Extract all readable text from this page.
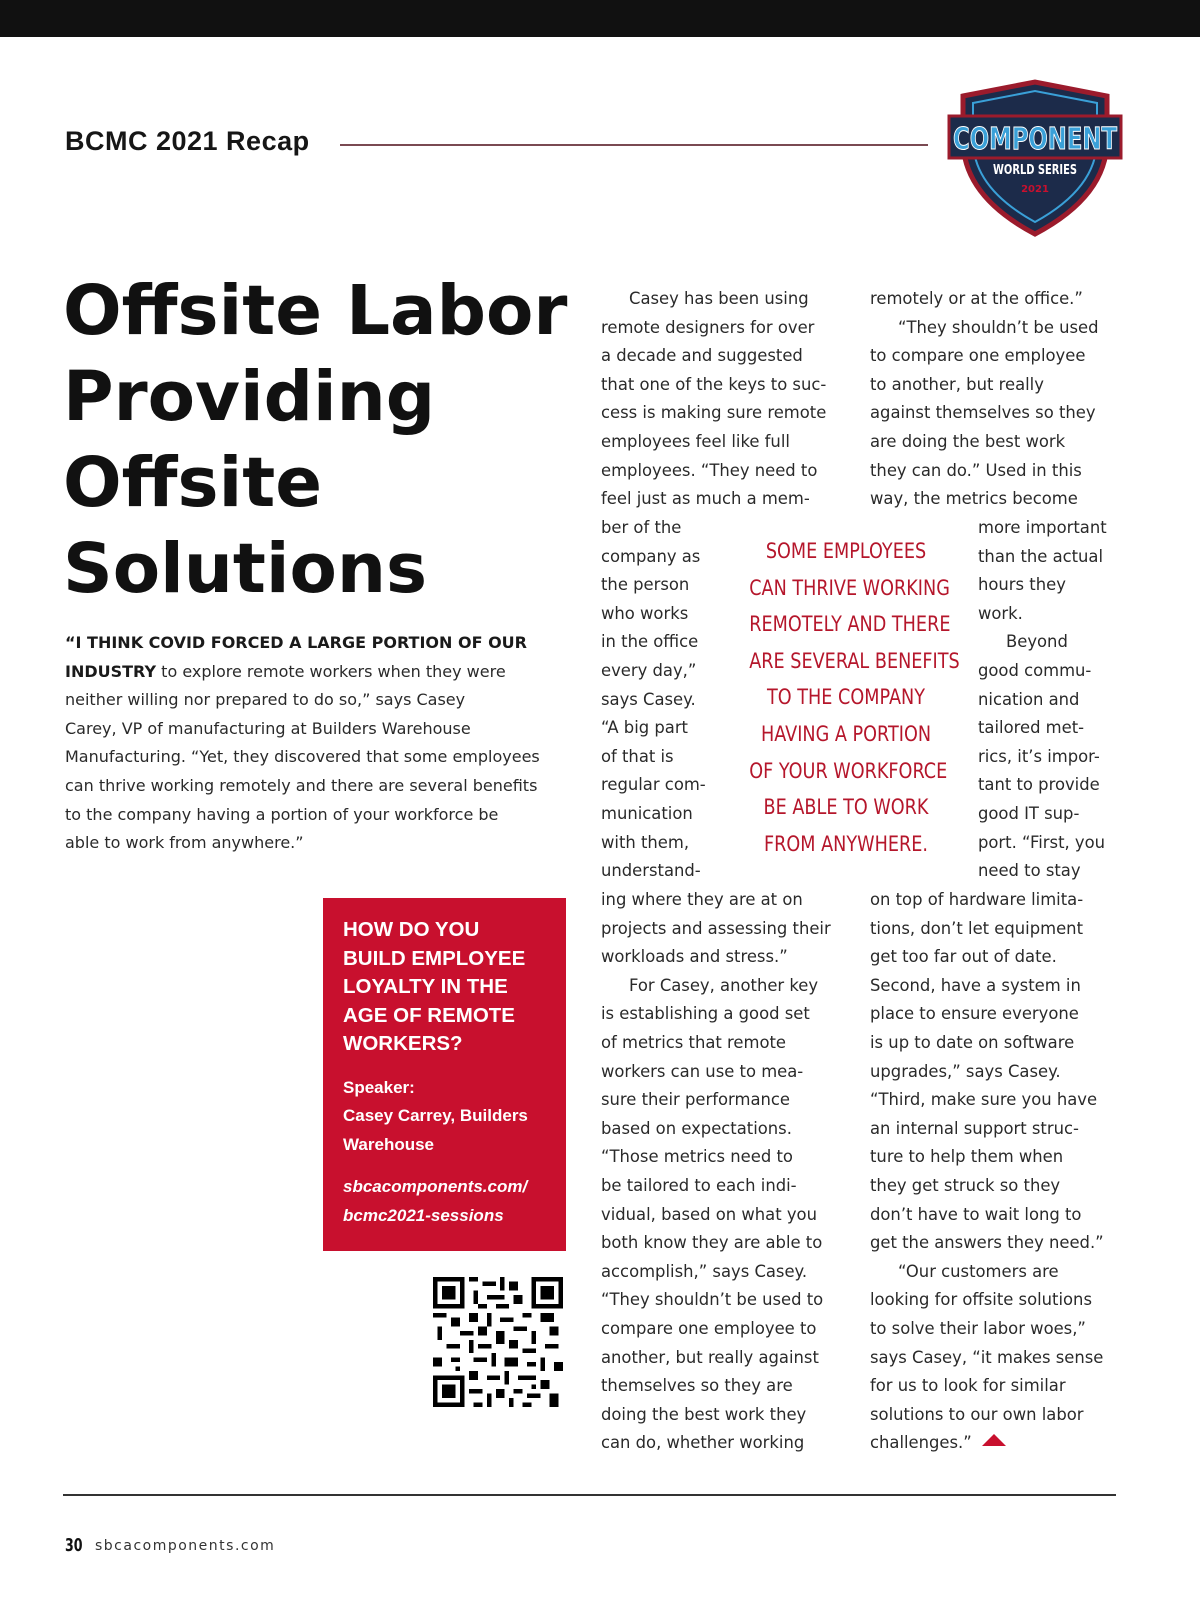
BCMC 2021 Recap	COMPONENT
WORLD SERIES
2021
Offsite Labor
Providing
Offsite
Solutions
“I THINK COVID FORCED A LARGE PORTION OF OUR
INDUSTRY to explore remote workers when they were
neither willing nor prepared to do so,” says Casey
Carey, VP of manufacturing at Builders Warehouse
Manufacturing. “Yet, they discovered that some employees
can thrive working remotely and there are several benefits
to the company having a portion of your workforce be
able to work from anywhere.”
Casey has been using
remote designers for over
a decade and suggested
that one of the keys to suc-
cess is making sure remote
employees feel like full
employees. “They need to
feel just as much a mem-
ber of the
company as
the person
who works
in the office
every day,”
says Casey.
“A big part
of that is
regular com-
munication
with them,
understand-
ing where they are at on
projects and assessing their
workloads and stress.”
For Casey, another key
is establishing a good set
of metrics that remote
workers can use to mea-
sure their performance
based on expectations.
“Those metrics need to
be tailored to each indi-
vidual, based on what you
both know they are able to
accomplish,” says Casey.
“They shouldn’t be used to
compare one employee to
another, but really against
themselves so they are
doing the best work they
can do, whether working
remotely or at the office.”
“They shouldn’t be used
to compare one employee
to another, but really
against themselves so they
are doing the best work
they can do.” Used in this
way, the metrics become
more important
than the actual
hours they
work.
Beyond
good commu-
nication and
tailored met-
rics, it’s impor-
tant to provide
good IT sup-
port. “First, you
need to stay
on top of hardware limita-
tions, don’t let equipment
get too far out of date.
Second, have a system in
place to ensure everyone
is up to date on software
upgrades,” says Casey.
“Third, make sure you have
an internal support struc-
ture to help them when
they get struck so they
don’t have to wait long to
get the answers they need.”
“Our customers are
looking for offsite solutions
to solve their labor woes,”
says Casey, “it makes sense
for us to look for similar
solutions to our own labor
challenges.”
SOME EMPLOYEES
CAN THRIVE WORKING
REMOTELY AND THERE
ARE SEVERAL BENEFITS
TO THE COMPANY
HAVING A PORTION
OF YOUR WORKFORCE
BE ABLE TO WORK
FROM ANYWHERE.
HOW DO YOU
BUILD EMPLOYEE
LOYALTY IN THE
AGE OF REMOTE
WORKERS?
Speaker:
Casey Carrey, Builders
Warehouse
sbcacomponents.com/
bcmc2021-sessions
30 sbcacomponents.com
